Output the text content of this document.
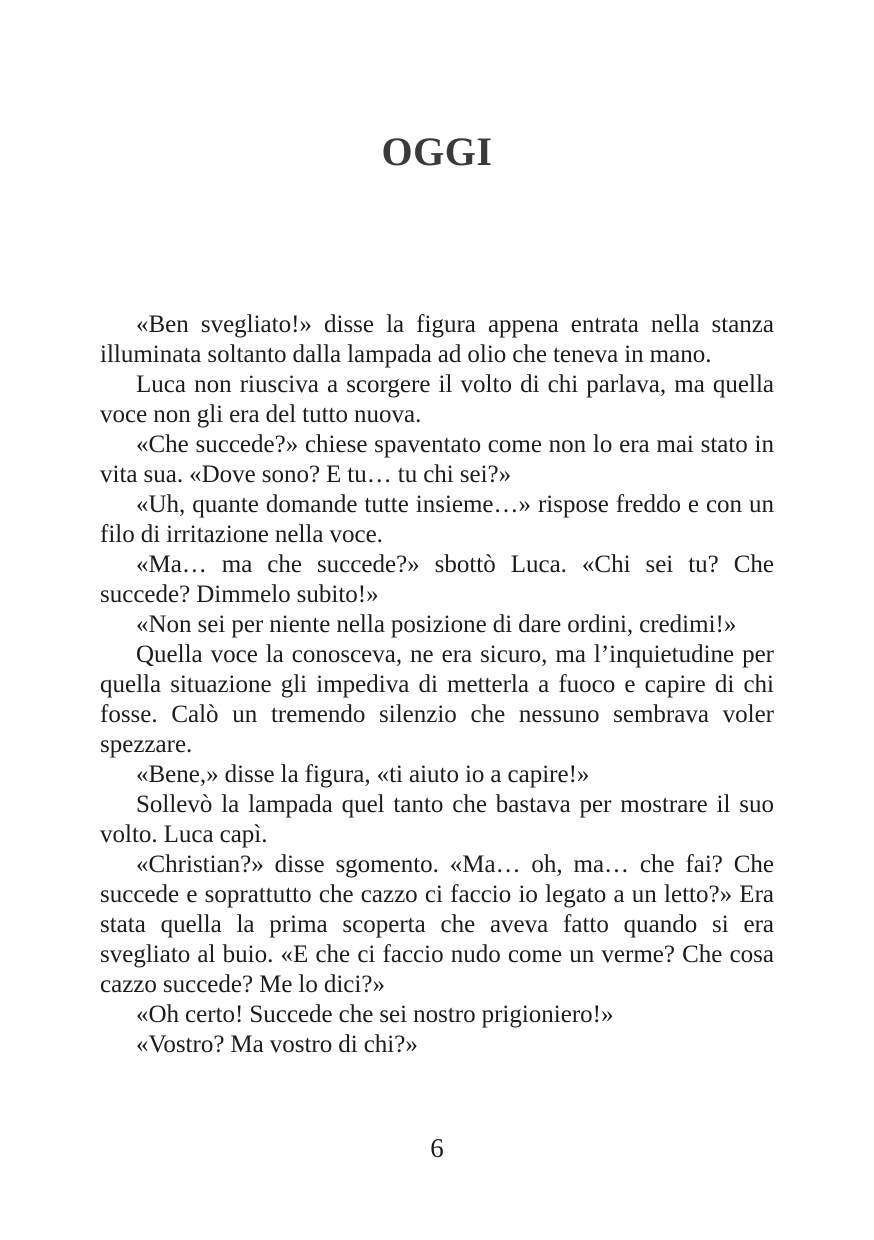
OGGI

«Ben svegliato!» disse la figura appena entrata nella stanza illuminata soltanto dalla lampada ad olio che teneva in mano.

Luca non riusciva a scorgere il volto di chi parlava, ma quella voce non gli era del tutto nuova.

«Che succede?» chiese spaventato come non lo era mai stato in vita sua. «Dove sono? E tu… tu chi sei?»

«Uh, quante domande tutte insieme…» rispose freddo e con un filo di irritazione nella voce.

«Ma… ma che succede?» sbottò Luca. «Chi sei tu? Che succede? Dimmelo subito!»

«Non sei per niente nella posizione di dare ordini, credimi!»

Quella voce la conosceva, ne era sicuro, ma l’inquietudine per quella situazione gli impediva di metterla a fuoco e capire di chi fosse. Calò un tremendo silenzio che nessuno sembrava voler spezzare.

«Bene,» disse la figura, «ti aiuto io a capire!»

Sollevò la lampada quel tanto che bastava per mostrare il suo volto. Luca capì.

«Christian?» disse sgomento. «Ma… oh, ma… che fai? Che succede e soprattutto che cazzo ci faccio io legato a un letto?» Era stata quella la prima scoperta che aveva fatto quando si era svegliato al buio. «E che ci faccio nudo come un verme? Che cosa cazzo succede? Me lo dici?»

«Oh certo! Succede che sei nostro prigioniero!»

«Vostro? Ma vostro di chi?»

6
